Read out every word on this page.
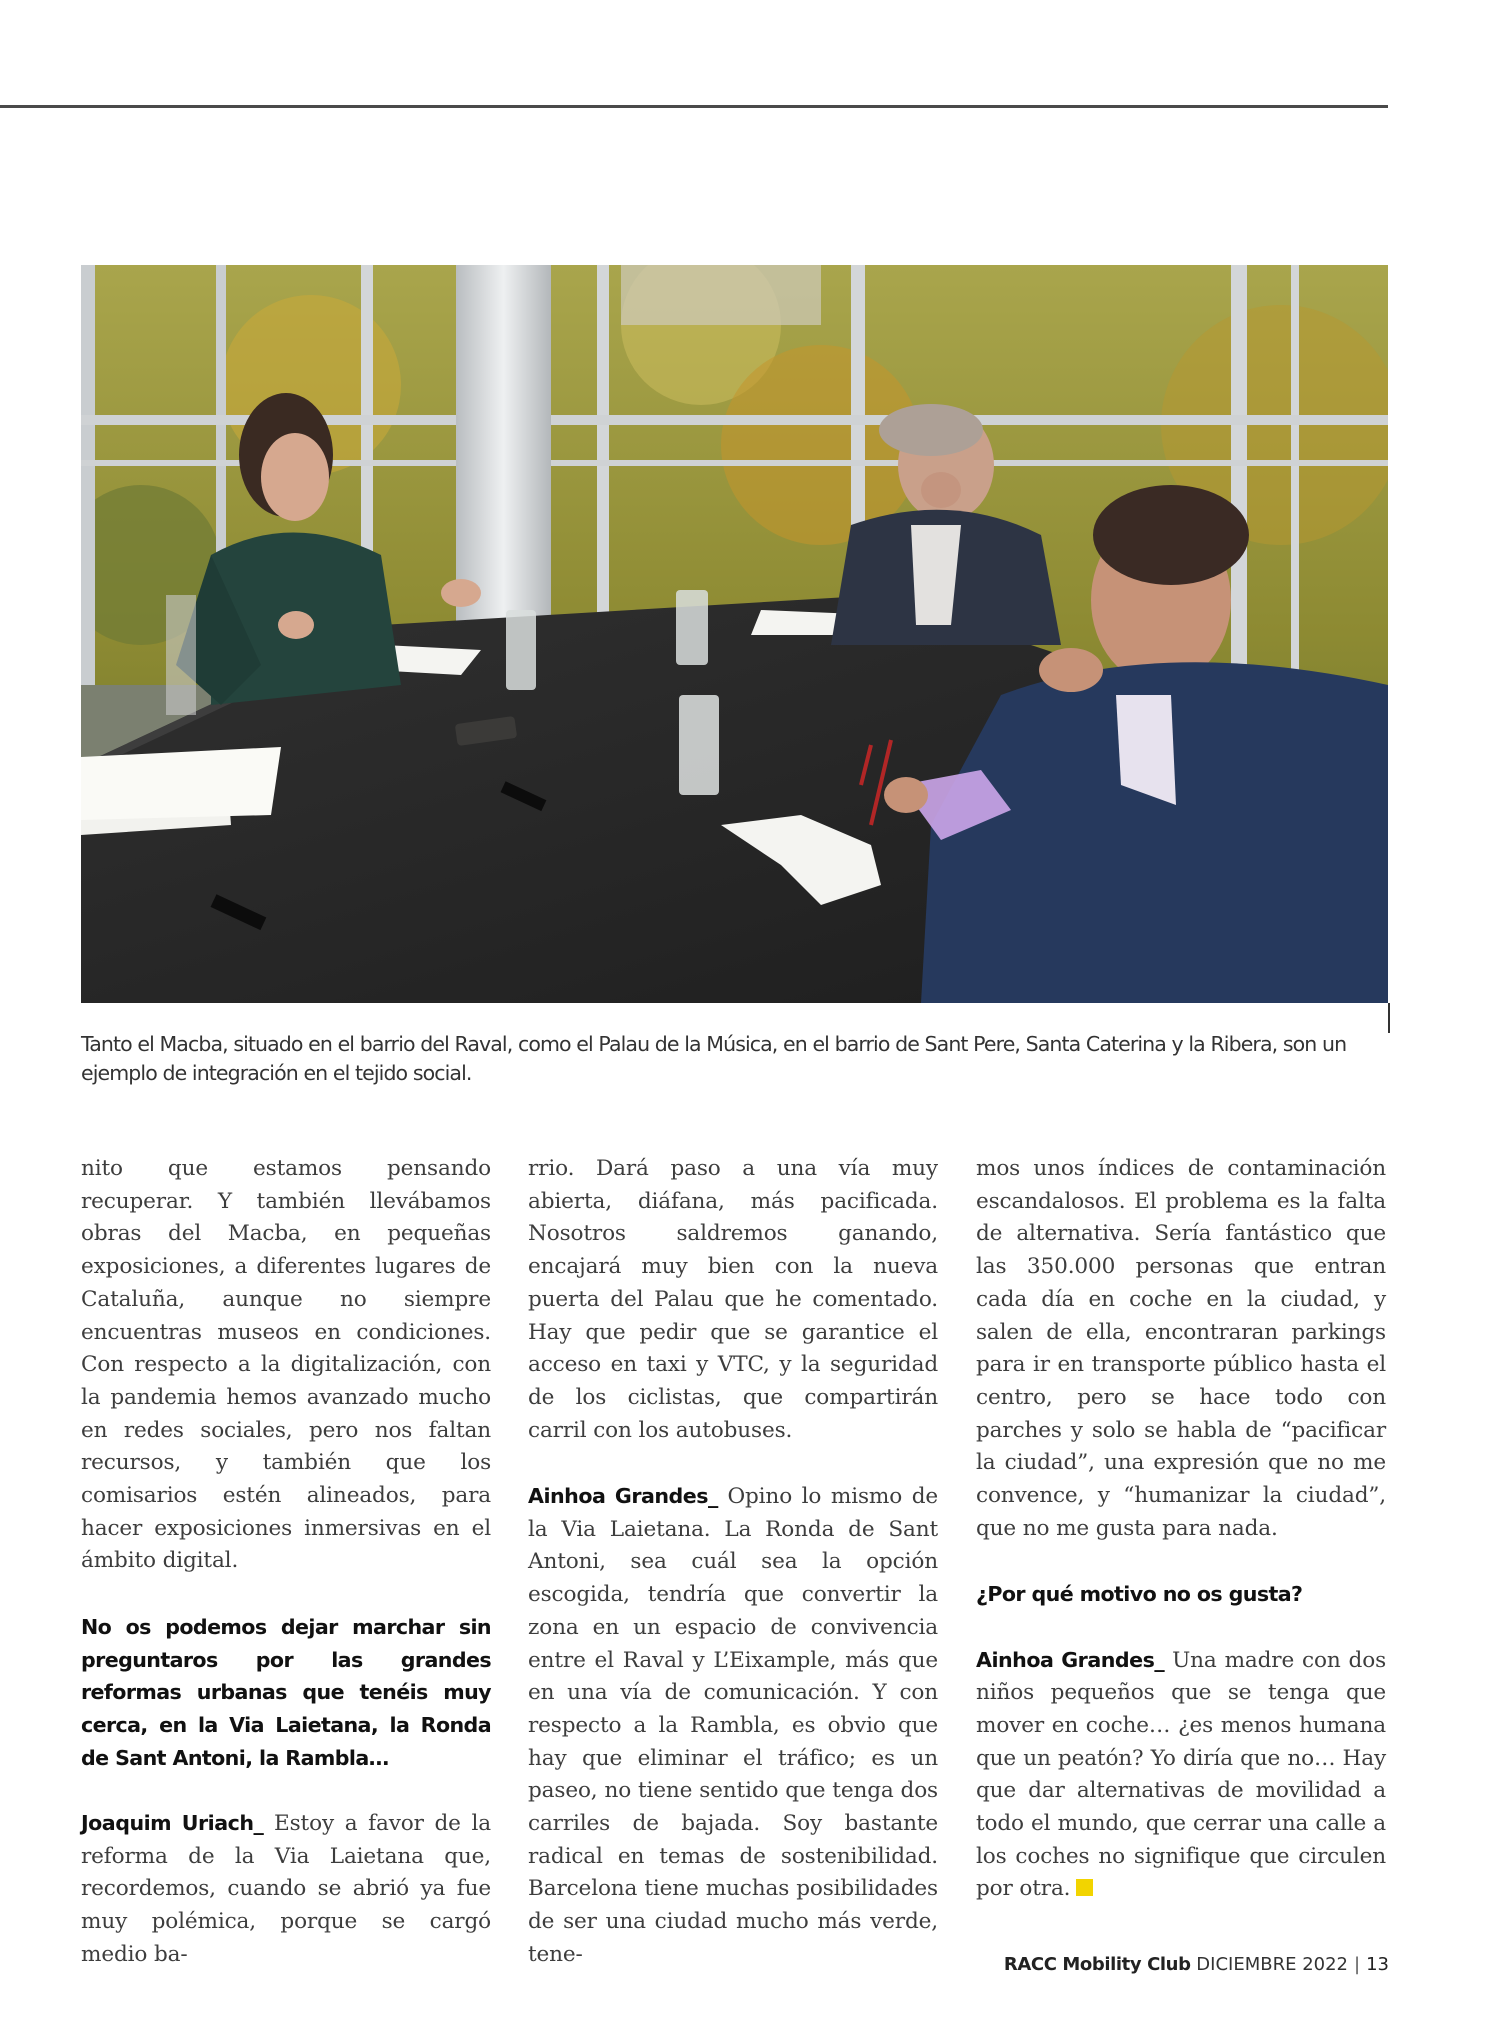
Tanto el Macba, situado en el barrio del Raval, como el Palau de la Música, en el barrio de Sant Pere, Santa Caterina y la Ribera, son un ejemplo de integración en el tejido social.

nito que estamos pensando recuperar. Y también llevábamos obras del Macba, en pequeñas exposiciones, a diferentes lugares de Cataluña, aunque no siempre encuentras museos en condiciones. Con respecto a la digitalización, con la pandemia hemos avanzado mucho en redes sociales, pero nos faltan recursos, y también que los comisarios estén alineados, para hacer exposiciones inmersivas en el ámbito digital.

No os podemos dejar marchar sin preguntaros por las grandes reformas urbanas que tenéis muy cerca, en la Via Laietana, la Ronda de Sant Antoni, la Rambla…

Joaquim Uriach_ Estoy a favor de la reforma de la Via Laietana que, recordemos, cuando se abrió ya fue muy polémica, porque se cargó medio ba-

rrio. Dará paso a una vía muy abierta, diáfana, más pacificada. Nosotros saldremos ganando, encajará muy bien con la nueva puerta del Palau que he comentado. Hay que pedir que se garantice el acceso en taxi y VTC, y la seguridad de los ciclistas, que compartirán carril con los autobuses.

Ainhoa Grandes_ Opino lo mismo de la Via Laietana. La Ronda de Sant Antoni, sea cuál sea la opción escogida, tendría que convertir la zona en un espacio de convivencia entre el Raval y L’Eixample, más que en una vía de comunicación. Y con respecto a la Rambla, es obvio que hay que eliminar el tráfico; es un paseo, no tiene sentido que tenga dos carriles de bajada. Soy bastante radical en temas de sostenibilidad. Barcelona tiene muchas posibilidades de ser una ciudad mucho más verde, tene-

mos unos índices de contaminación escandalosos. El problema es la falta de alternativa. Sería fantástico que las 350.000 personas que entran cada día en coche en la ciudad, y salen de ella, encontraran parkings para ir en transporte público hasta el centro, pero se hace todo con parches y solo se habla de “pacificar la ciudad”, una expresión que no me convence, y “humanizar la ciudad”, que no me gusta para nada.

¿Por qué motivo no os gusta?

Ainhoa Grandes_ Una madre con dos niños pequeños que se tenga que mover en coche… ¿es menos humana que un peatón? Yo diría que no… Hay que dar alternativas de movilidad a todo el mundo, que cerrar una calle a los coches no signifique que circulen por otra.

RACC Mobility Club DICIEMBRE 2022 | 13
